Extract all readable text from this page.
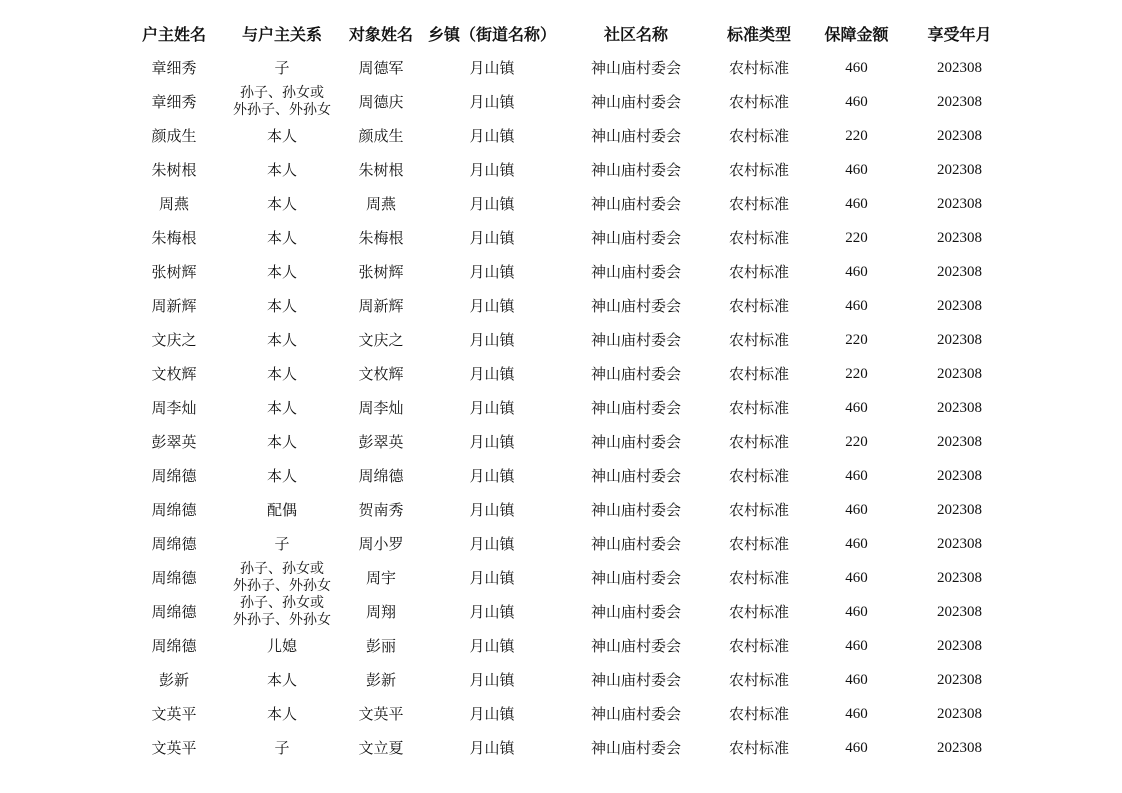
户主姓名	与户主关系	对象姓名 乡镇（街道名称）	社区名称	标准类型	保障金额	享受年月
章细秀	子	周德军	月山镇	神山庙村委会	农村标准	460	202308
章细秀	孙子、孙女或
外孙子、外孙女	周德庆	月山镇	神山庙村委会	农村标准	460	202308
颜成生	本人	颜成生	月山镇	神山庙村委会	农村标准	220	202308
朱树根	本人	朱树根	月山镇	神山庙村委会	农村标准	460	202308
周燕	本人	周燕	月山镇	神山庙村委会	农村标准	460	202308
朱梅根	本人	朱梅根	月山镇	神山庙村委会	农村标准	220	202308
张树辉	本人	张树辉	月山镇	神山庙村委会	农村标准	460	202308
周新辉	本人	周新辉	月山镇	神山庙村委会	农村标准	460	202308
文庆之	本人	文庆之	月山镇	神山庙村委会	农村标准	220	202308
文枚辉	本人	文枚辉	月山镇	神山庙村委会	农村标准	220	202308
周李灿	本人	周李灿	月山镇	神山庙村委会	农村标准	460	202308
彭翠英	本人	彭翠英	月山镇	神山庙村委会	农村标准	220	202308
周绵德	本人	周绵德	月山镇	神山庙村委会	农村标准	460	202308
周绵德	配偶	贺南秀	月山镇	神山庙村委会	农村标准	460	202308
周绵德	子	周小罗	月山镇	神山庙村委会	农村标准	460	202308
周绵德	孙子、孙女或
外孙子、外孙女	周宇	月山镇	神山庙村委会	农村标准	460	202308
周绵德	孙子、孙女或
外孙子、外孙女	周翔	月山镇	神山庙村委会	农村标准	460	202308
周绵德	儿媳	彭丽	月山镇	神山庙村委会	农村标准	460	202308
彭新	本人	彭新	月山镇	神山庙村委会	农村标准	460	202308
文英平	本人	文英平	月山镇	神山庙村委会	农村标准	460	202308
文英平	子	文立夏	月山镇	神山庙村委会	农村标准	460	202308
